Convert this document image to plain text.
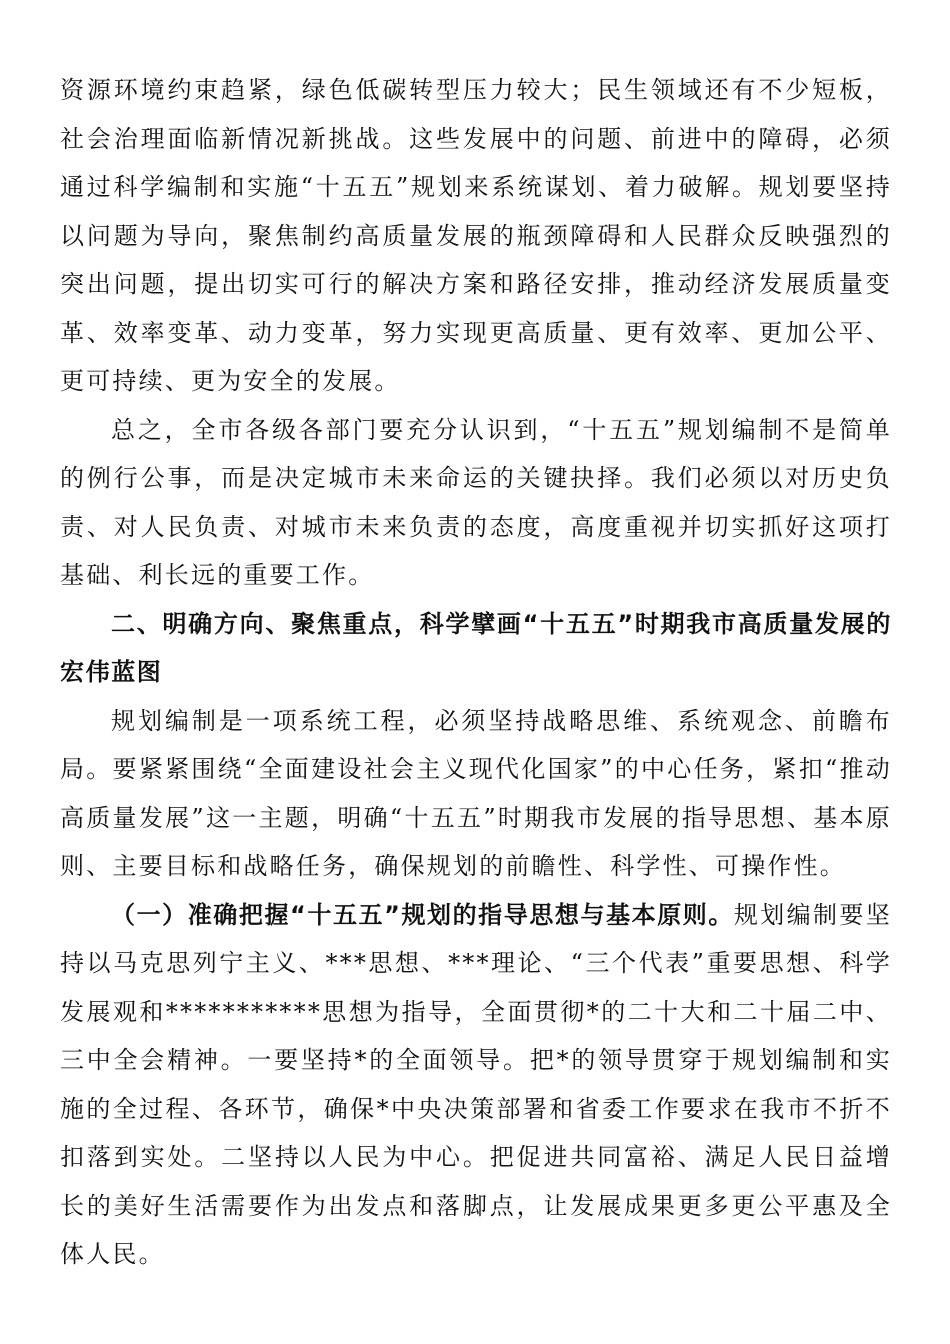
资源环境约束趋紧，绿色低碳转型压力较大；民生领域还有不少短板，社会治理面临新情况新挑战。这些发展中的问题、前进中的障碍，必须通过科学编制和实施“十五五”规划来系统谋划、着力破解。规划要坚持以问题为导向，聚焦制约高质量发展的瓶颈障碍和人民群众反映强烈的突出问题，提出切实可行的解决方案和路径安排，推动经济发展质量变革、效率变革、动力变革，努力实现更高质量、更有效率、更加公平、更可持续、更为安全的发展。

总之，全市各级各部门要充分认识到，“十五五”规划编制不是简单的例行公事，而是决定城市未来命运的关键抉择。我们必须以对历史负责、对人民负责、对城市未来负责的态度，高度重视并切实抓好这项打基础、利长远的重要工作。

二、明确方向、聚焦重点，科学擘画“十五五”时期我市高质量发展的宏伟蓝图

规划编制是一项系统工程，必须坚持战略思维、系统观念、前瞻布局。要紧紧围绕“全面建设社会主义现代化国家”的中心任务，紧扣“推动高质量发展”这一主题，明确“十五五”时期我市发展的指导思想、基本原则、主要目标和战略任务，确保规划的前瞻性、科学性、可操作性。

（一）准确把握“十五五”规划的指导思想与基本原则。规划编制要坚持以马克思列宁主义、***思想、***理论、“三个代表”重要思想、科学发展观和***********思想为指导，全面贯彻*的二十大和二十届二中、三中全会精神。一要坚持*的全面领导。把*的领导贯穿于规划编制和实施的全过程、各环节，确保*中央决策部署和省委工作要求在我市不折不扣落到实处。二坚持以人民为中心。把促进共同富裕、满足人民日益增长的美好生活需要作为出发点和落脚点，让发展成果更多更公平惠及全体人民。
